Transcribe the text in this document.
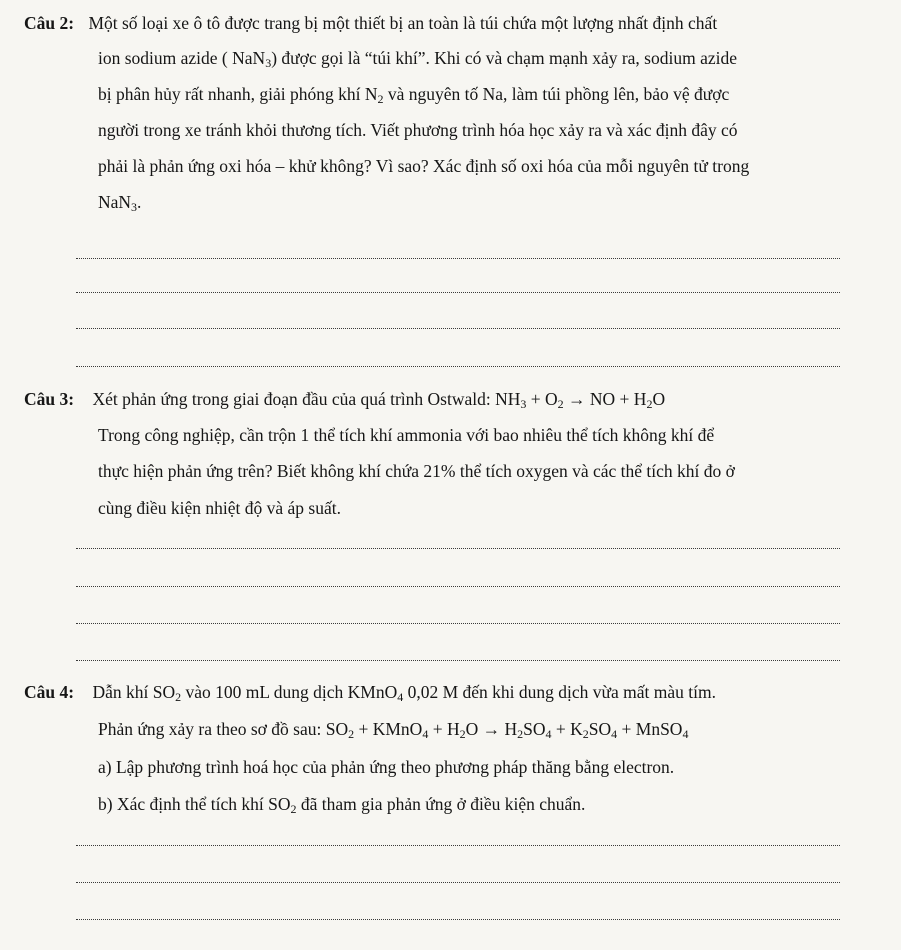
Câu 2: Một số loại xe ô tô được trang bị một thiết bị an toàn là túi chứa một lượng nhất định chất
ion sodium azide ( NaN$_3$) được gọi là “túi khí”. Khi có và chạm mạnh xảy ra, sodium azide
bị phân hủy rất nhanh, giải phóng khí $N_2$ và nguyên tố Na, làm túi phồng lên, bảo vệ được
người trong xe tránh khỏi thương tích. Viết phương trình hóa học xảy ra và xác định đây có
phải là phản ứng oxi hóa – khử không? Vì sao? Xác định số oxi hóa của mỗi nguyên tử trong
NaN$_3$.
Câu 3: Xét phản ứng trong giai đoạn đầu của quá trình Ostwald: $NH_3 + O_2$ → NO + $H_2O$
Trong công nghiệp, cần trộn 1 thể tích khí ammonia với bao nhiêu thể tích không khí để
thực hiện phản ứng trên? Biết không khí chứa 21% thể tích oxygen và các thể tích khí đo ở
cùng điều kiện nhiệt độ và áp suất.
Câu 4: Dẫn khí $SO_2$ vào 100 mL dung dịch KMnO$_4$ 0,02 M đến khi dung dịch vừa mất màu tím.
Phản ứng xảy ra theo sơ đồ sau: $SO_2$ + KMnO$_4$ + $H_2O \to H_2SO_4 + K_2SO_4$ + MnSO$_4$
a) Lập phương trình hoá học của phản ứng theo phương pháp thăng bằng electron.
b) Xác định thể tích khí $SO_2$ đã tham gia phản ứng ở điều kiện chuẩn.
